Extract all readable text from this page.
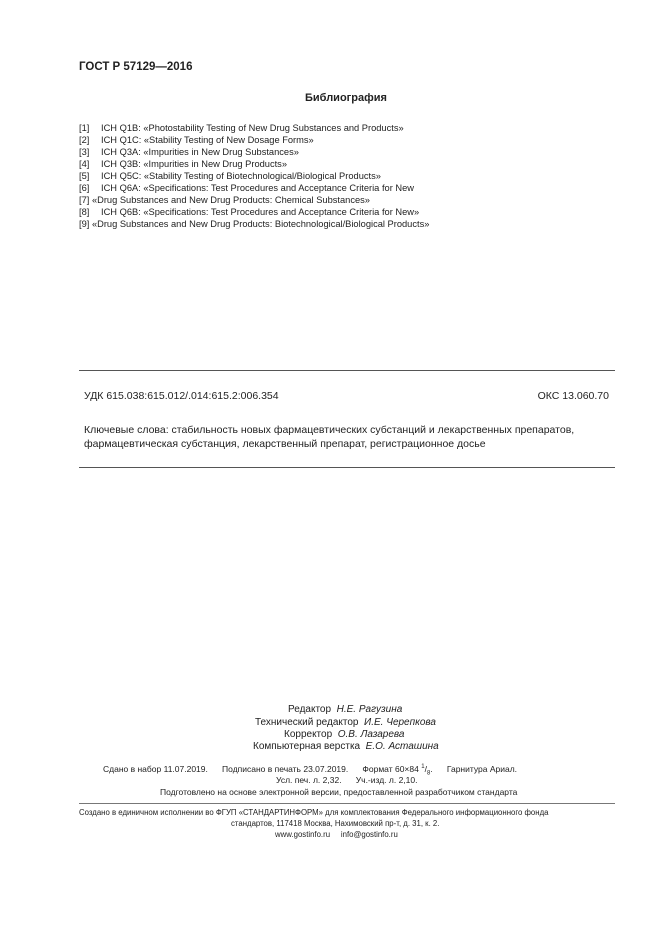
ГОСТ Р 57129—2016
Библиография
[1] ICH Q1B: «Photostability Testing of New Drug Substances and Products»
[2] ICH Q1C: «Stability Testing of New Dosage Forms»
[3] ICH Q3A: «Impurities in New Drug Substances»
[4] ICH Q3B: «Impurities in New Drug Products»
[5] ICH Q5C: «Stability Testing of Biotechnological/Biological Products»
[6] ICH Q6A: «Specifications: Test Procedures and Acceptance Criteria for New
[7] «Drug Substances and New Drug Products: Chemical Substances»
[8] ICH Q6B: «Specifications: Test Procedures and Acceptance Criteria for New»
[9] «Drug Substances and New Drug Products: Biotechnological/Biological Products»
УДК 615.038:615.012/.014:615.2:006.354	ОКС 13.060.70
Ключевые слова: стабильность новых фармацевтических субстанций и лекарственных препаратов,
фармацевтическая субстанция, лекарственный препарат, регистрационное досье
Редактор Н.Е. Рагузина
Технический редактор И.Е. Черепкова
Корректор О.В. Лазарева
Компьютерная верстка Е.О. Асташина
Сдано в набор 11.07.2019. Подписано в печать 23.07.2019. Формат 60×84 $^1/_8$. Гарнитура Ариал.
Усл. печ. л. 2,32. Уч.-изд. л. 2,10.
Подготовлено на основе электронной версии, предоставленной разработчиком стандарта
Создано в единичном исполнении во ФГУП «СТАНДАРТИНФОРМ» для комплектования Федерального информационного фонда
стандартов, 117418 Москва, Нахимовский пр-т, д. 31, к. 2.
www.gostinfo.ru info@gostinfo.ru
